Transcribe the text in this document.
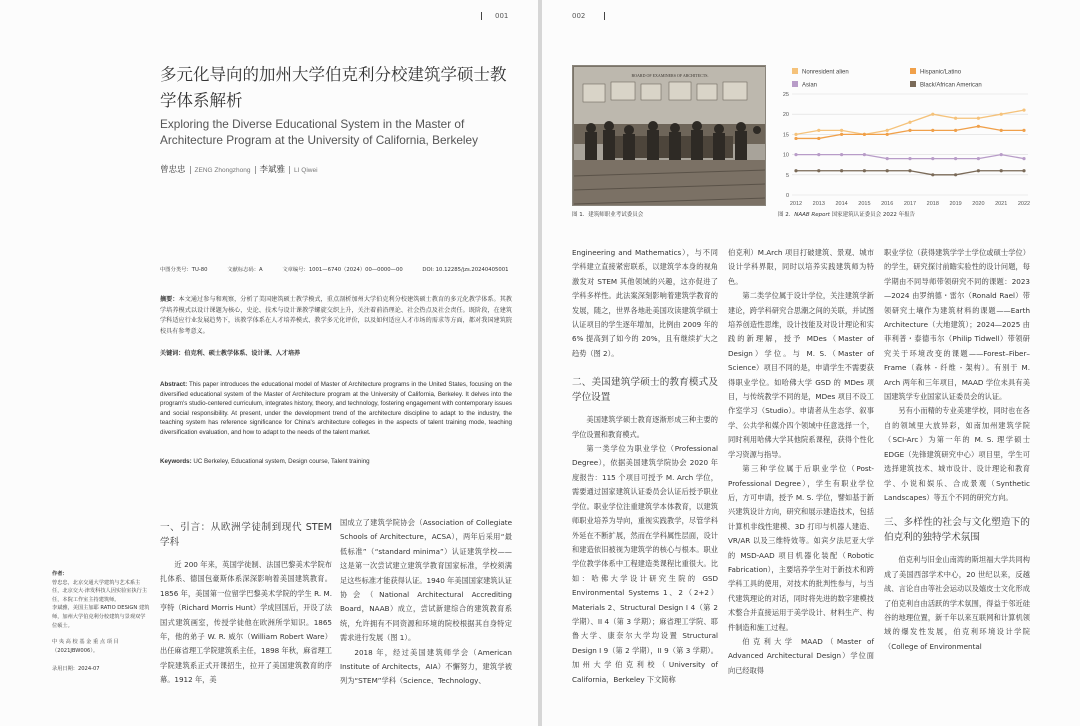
001
多元化导向的加州大学伯克利分校建筑学硕士教学体系解析
Exploring the Diverse Educational System in the Master of Architecture Program at the University of California, Berkeley
曾忠忠 ZENG Zhongzhong 李斌雅 LI Qiwei
中图分类号：TU-80	文献标志码：A	文章编号：1001—6740（2024）00—0000—00	DOI: 10.12285/jzs.20240405001
摘要：本文通过参与和观察，分析了美国建筑硕士教学模式，重点剖析加州大学伯克利分校建筑硕士教育的多元化教学体系。其教学培养模式以设计课题为核心，史论、技术与设计课教学螺旋交织上升，关注着前沿理论、社会热点及社会责任。既阶段，在建筑学科适应行业发展趋势下，该教学体系在人才培养模式、教学多元化评价，以及如何适应人才市场的需求等方面，都对我国建筑院校具有参考意义。
关键词：伯克利、硕士教学体系、设计课、人才培养
Abstract: This paper introduces the educational model of Master of Architecture programs in the United States, focusing on the diversified educational system of the Master of Architecture program at the University of California, Berkeley. It delves into the program's studio-centered curriculum, integrates history, theory, and technology, fostering engagement with contemporary issues and social responsibility. At present, under the development trend of the architecture discipline to adapt to the industry, the teaching system has reference significance for China's architecture colleges in the aspects of talent training mode, teaching diversification evaluation, and how to adapt to the needs of the talent market.
Keywords: UC Berkeley, Educational system, Design course, Talent training
作者：
曾忠忠，北京交通大学建筑与艺术系主任，北京交大·津发科技人因实验室执行主任，本院工作室主持建筑师。
李斌雅，美国主加耶 RATIO DESIGN 建筑师，加州大学伯克利分校建筑与景观双学位硕士。
中 央 高 校 基 金 重 点 项 目（2021JBW006）。
录用日期：2024-07
一、引言：从欧洲学徒制到现代 STEM 学科

近 200 年来，英国学徒制、法国巴黎美术学院布扎体系、德国包豪斯体系深深影响着美国建筑教育。1856 年，美国第一位留学巴黎美术学院的学生 R. M. 亨特（Richard Morris Hunt）学成回国后，开设了法国式建筑画室，传授学徒他在欧洲所学知识。1865 年，他的弟子 W. R. 威尔（William Robert Ware）出任麻省理工学院建筑系主任，1898 年秋，麻省理工学院建筑系正式开课招生，拉开了美国建筑教育的序幕。1912 年，美

国成立了建筑学院协会（Association of Collegiate Schools of Architecture，ACSA），两年后采用“最低标准”（“standard minima”）认证建筑学校——这是第一次尝试建立建筑学教育国家标准，学校须满足这些标准才能获得认证。1940 年美国国家建筑认证协会（National Architectural Accrediting Board，NAAB）成立，尝试新建综合的建筑教育系统，允许拥有不同资源和环境的院校根据其自身特定需求进行发展（图 1）。

2018 年，经过美国建筑师学会（American Institute of Architects，AIA）不懈努力，建筑学被列为“STEM”学科（Science、Technology、

002
BOARD OF EXAMINERS OF ARCHITECTS.
图 1．建筑师职业考试委员会	图 2．NAAB Report 国家建筑认证委员会 2022 年报告
Nonresident alien	Hispanic/Latino
Asian	Black/African American
0
5
10
15
20
25
2012 2013 2014 2015 2016 2017 2018 2019 2020 2021 2022

Engineering and Mathematics），与不同学科建立直接紧密联系，以建筑学本身的视角激发对 STEM 其他领域的兴趣，这亦促进了学科多样性。此法案深刻影响着建筑学教育的发展，随之，世界各地赴美国攻读建筑学硕士认证项目的学生逐年增加，比例由 2009 年的 6% 提高到了如今的 20%，且有继续扩大之趋势（图 2）。

二、美国建筑学硕士的教育模式及学位设置

美国建筑学硕士教育逐渐形成三种主要的学位设置和教育模式。

第一类学位为职业学位（Professional Degree），依据美国建筑学院协会 2020 年度报告：115 个项目可授予 M. Arch 学位，需要通过国家建筑认证委员会认证后授予职业学位。职业学位注重建筑学本体教育，以建筑师职业培养为导向，重视实践教学，尽管学科外延在不断扩展，然而在学科属性层面，设计和建造依旧被视为建筑学的核心与根本。职业学位教学体系中工程建造类课程比重很大。比如：哈佛大学设计研究生院的 GSD Environmental Systems 1、2（2+2）Materials 2、Structural Design I 4（第 2 学期）、II 4（第 3 学期）；麻省理工学院、耶鲁大学、康奈尔大学均设置 Structural Design I 9（第 2 学期），II 9（第 3 学期）。加州大学伯克利校（University of California，Berkeley 下文简称

伯克利）M.Arch 项目打破建筑、景观、城市设计学科界限，同时以培养实践建筑师为特色。

第二类学位属于设计学位，关注建筑学新建论，跨学科研究合思潮之间的关联，并试图培养创造性思维，设计技能及对设计理论和实践的新理解，授予 MDes（Master of Design）学位。与 M. S.（Master of Science）项目不同的是，申请学生不需要获得职业学位。如哈佛大学 GSD 的 MDes 项目，与传统教学不同的是，MDes 项目不设工作室学习（Studio）。申请者从生态学、叙事学、公共学和媒介四个领域中任意选择一个，同时利用哈佛大学其他院系课程，获得个性化学习资源与指导。

第三种学位属于后职业学位（Post-Professional Degree），学生有职业学位后，方可申请，授予 M. S. 学位，譬如基于新兴建筑设计方向，研究和展示建造技术，包括计算机非线性建模、3D 打印与机器人建造、VR/AR 以及三维特效等。如宾夕法尼亚大学的 MSD-AAD 项目机器化装配（Robotic Fabrication），主要培养学生对于新技术和跨学科工具的使用，对技术的批判性参与，与当代建筑理论的对话，同时将先进的数字建模技术整合并直接运用于美学设计、材料生产、构件制造和施工过程。

伯克利大学 MAAD（Master of Advanced Architectural Design）学位面向已经取得

职业学位（获得建筑学学士学位或硕士学位）的学生，研究探讨前瞻实验性的设计问题，每学期由不同导师带领研究不同的课题：2023—2024 由罗纳德・雷尔（Ronald Rael）带领研究土壤作为建筑材料的课题——Earth Architecture（大地建筑）；2024—2025 由菲利普・泰德韦尔（Philip Tidwell）带领研究关于环境改变的课题——Forest–Fiber–Frame（森林 - 纤维 - 架构）。有别于 M. Arch 两年和三年项目，MAAD 学位未具有美国建筑学专业国家认证委员会的认证。

另有小而精的专业美建学校，同时也在各自的领域里大放异彩，如南加州建筑学院（SCI-Arc）为第一年的 M. S. 理学硕士 EDGE（先锋建筑研究中心）项目里，学生可选择建筑技术、城市设计、设计理论和教育学、小说和娱乐、合成景观（Synthetic Landscapes）等五个不同的研究方向。

三、多样性的社会与文化塑造下的伯克利的独特学术氛围

伯克利与旧金山南湾的斯坦福大学共同构成了美国西部学术中心，20 世纪以来，反越战、言论自由等社会运动以及嬉皮士文化形成了伯克利自由活跃的学术氛围，得益于邻近硅谷的地理位置，新千年以来互联网和计算机领域的爆发性发展，伯克利环境设计学院（College of Environmental
